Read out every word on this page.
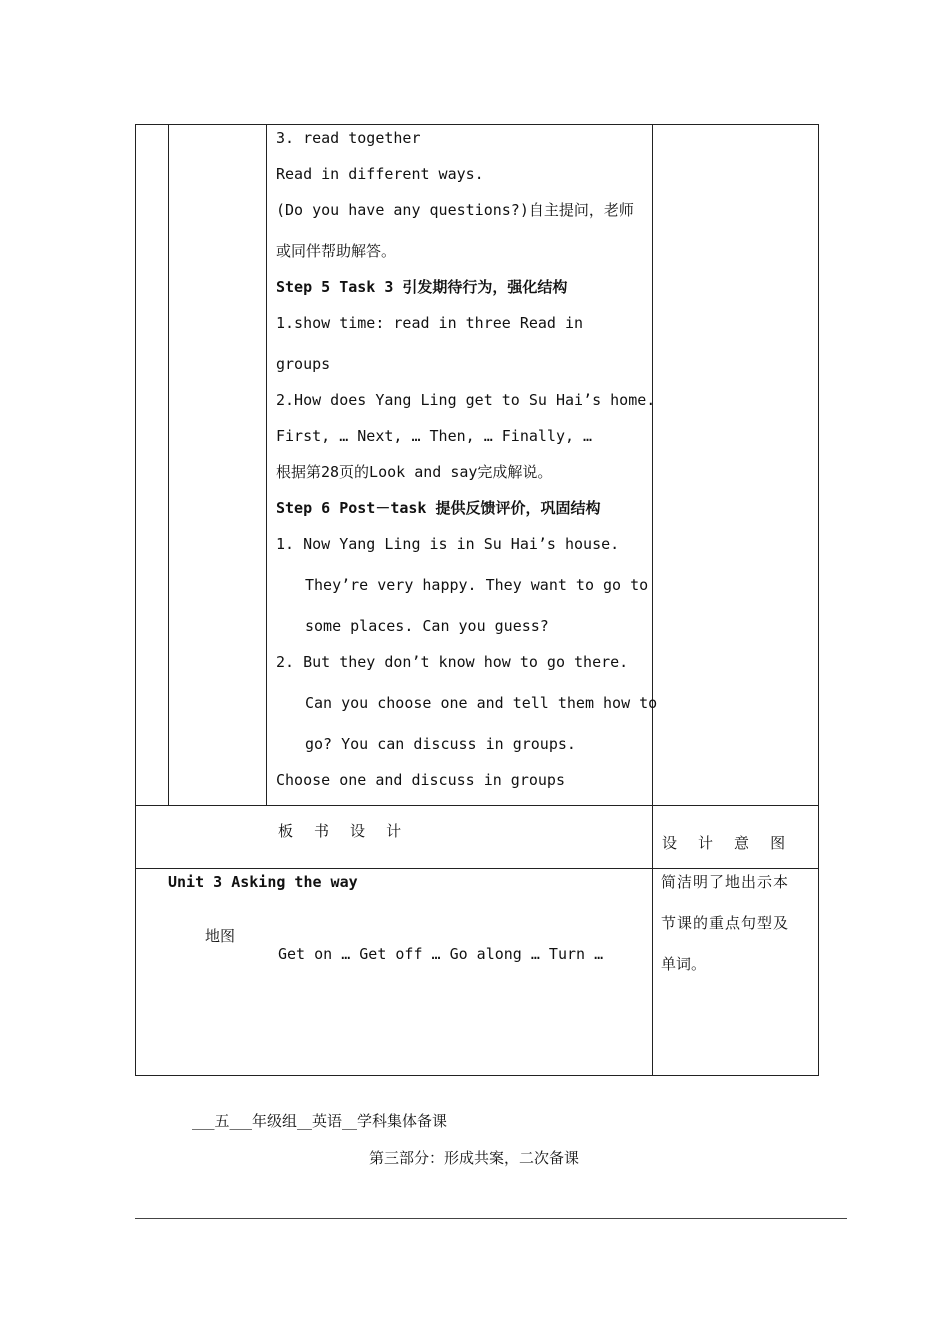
3. read together
Read in different ways.
(Do you have any questions?)自主提问，老师
或同伴帮助解答。
Step 5 Task 3 引发期待行为，强化结构
1.show time: read in three Read in
groups
2.How does Yang Ling get to Su Hai’s home.
First, … Next, … Then, … Finally, …
根据第28页的Look and say完成解说。
Step 6 Post－task 提供反馈评价，巩固结构
1. Now Yang Ling is in Su Hai’s house.
They’re very happy. They want to go to
some places. Can you guess?
2. But they don’t know how to go there.
Can you choose one and tell them how to
go? You can discuss in groups.
Choose one and discuss in groups
板 书 设 计
设 计 意 图
Unit 3 Asking the way
地图
Get on … Get off … Go along … Turn …
简洁明了地出示本
节课的重点句型及
单词。
___五___年级组__英语__学科集体备课
第三部分：形成共案，二次备课
